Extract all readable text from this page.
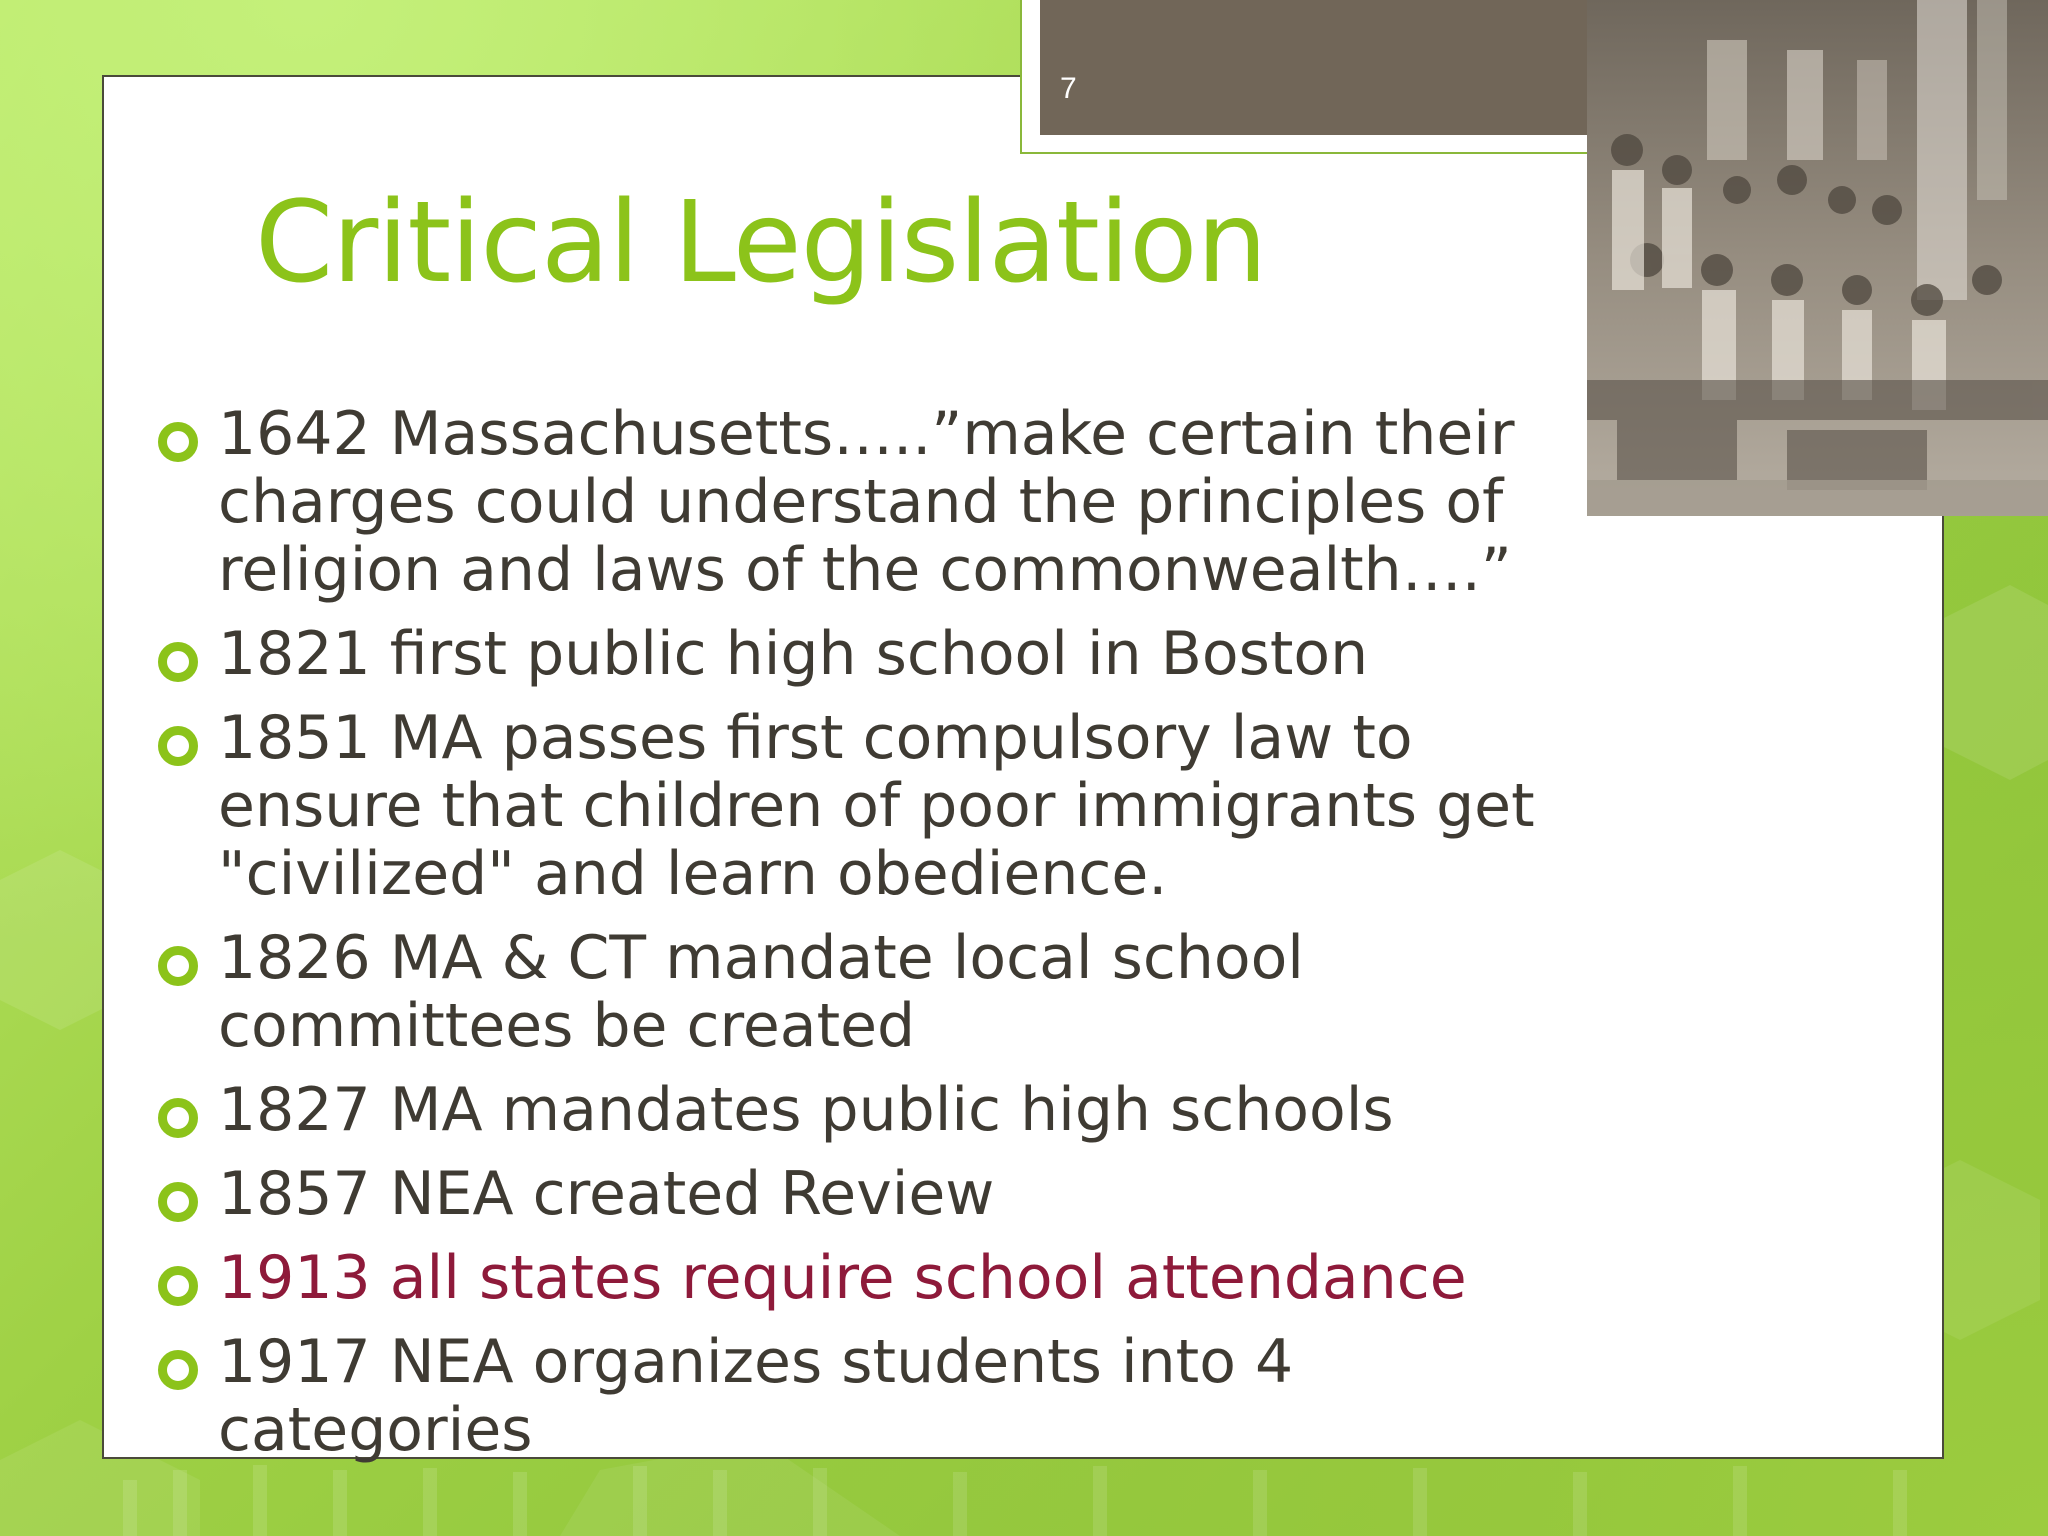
7
Critical Legislation
1642 Massachusetts…..”make certain their charges could understand the principles of religion and laws of the commonwealth….”
1821 first public high school in Boston
1851 MA passes first compulsory law to ensure that children of poor immigrants get "civilized" and learn obedience.
1826 MA & CT mandate local school committees be created
1827 MA mandates public high schools
1857 NEA created Review
1913 all states require school attendance
1917 NEA organizes students into 4 categories
